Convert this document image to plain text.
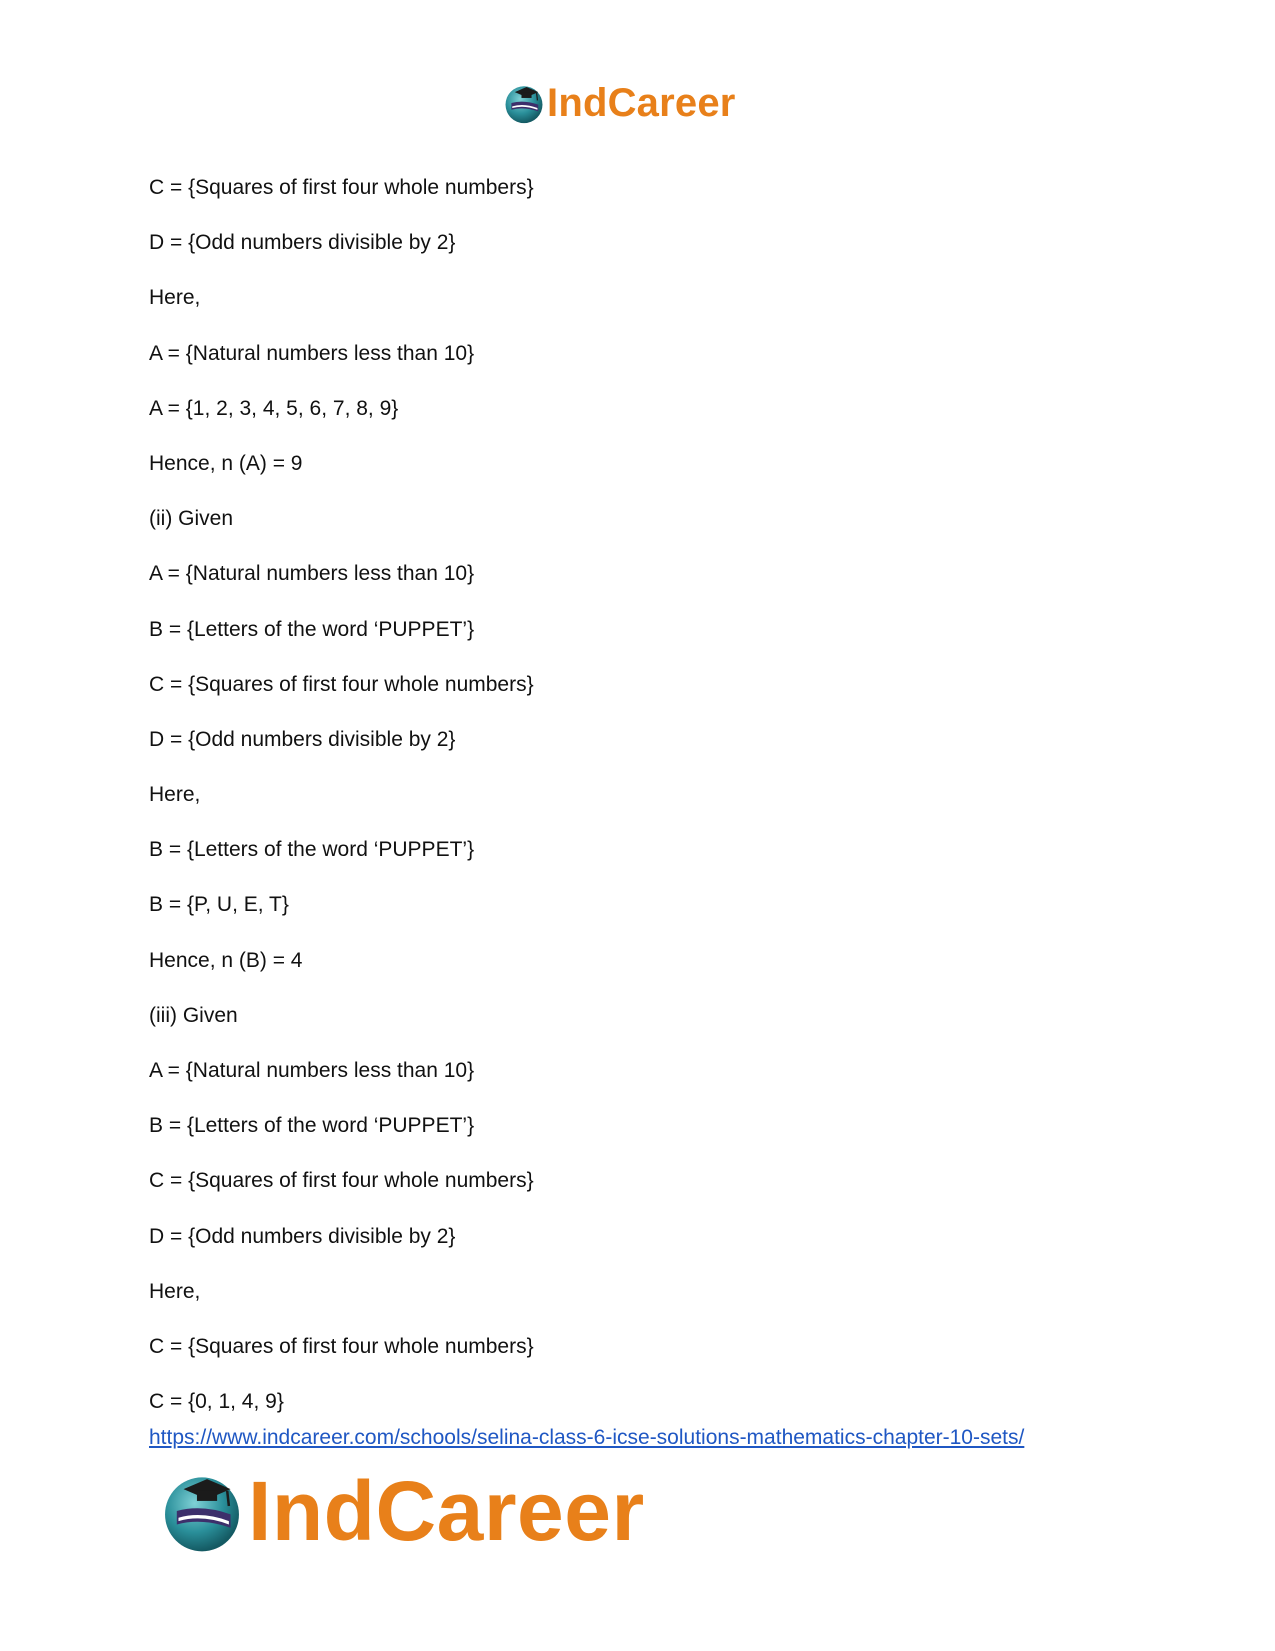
IndCareer
C = {Squares of first four whole numbers}
D = {Odd numbers divisible by 2}
Here,
A = {Natural numbers less than 10}
A = {1, 2, 3, 4, 5, 6, 7, 8, 9}
Hence, n (A) = 9
(ii) Given
A = {Natural numbers less than 10}
B = {Letters of the word ‘PUPPET’}
C = {Squares of first four whole numbers}
D = {Odd numbers divisible by 2}
Here,
B = {Letters of the word ‘PUPPET’}
B = {P, U, E, T}
Hence, n (B) = 4
(iii) Given
A = {Natural numbers less than 10}
B = {Letters of the word ‘PUPPET’}
C = {Squares of first four whole numbers}
D = {Odd numbers divisible by 2}
Here,
C = {Squares of first four whole numbers}
C = {0, 1, 4, 9}
https://www.indcareer.com/schools/selina-class-6-icse-solutions-mathematics-chapter-10-sets/
IndCareer
